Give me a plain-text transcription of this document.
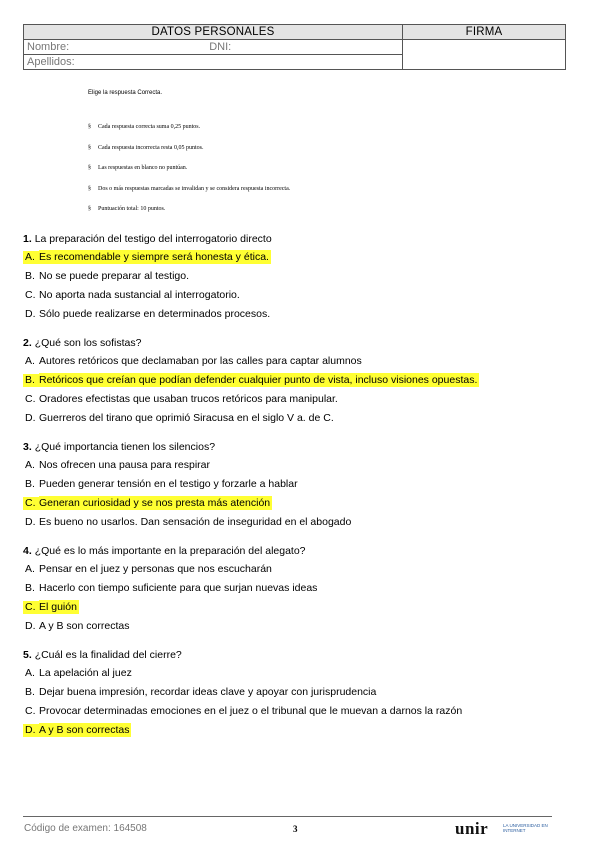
DATOS PERSONALES	FIRMA
Nombre: DNI:	
Apellidos:	
Elige la respuesta Correcta.
§ Cada respuesta correcta suma 0,25 puntos.
§ Cada respuesta incorrecta resta 0,05 puntos.
§ Las respuestas en blanco no puntúan.
§ Dos o más respuestas marcadas se invalidan y se considera respuesta incorrecta.
§ Puntuación total: 10 puntos.
1. La preparación del testigo del interrogatorio directo
A. Es recomendable y siempre será honesta y ética.
B. No se puede preparar al testigo.
C. No aporta nada sustancial al interrogatorio.
D. Sólo puede realizarse en determinados procesos.
2. ¿Qué son los sofistas?
A. Autores retóricos que declamaban por las calles para captar alumnos
B. Retóricos que creían que podían defender cualquier punto de vista, incluso visiones opuestas.
C. Oradores efectistas que usaban trucos retóricos para manipular.
D. Guerreros del tirano que oprimió Siracusa en el siglo V a. de C.
3. ¿Qué importancia tienen los silencios?
A. Nos ofrecen una pausa para respirar
B. Pueden generar tensión en el testigo y forzarle a hablar
C. Generan curiosidad y se nos presta más atención
D. Es bueno no usarlos. Dan sensación de inseguridad en el abogado
4. ¿Qué es lo más importante en la preparación del alegato?
A. Pensar en el juez y personas que nos escucharán
B. Hacerlo con tiempo suficiente para que surjan nuevas ideas
C. El guión
D. A y B son correctas
5. ¿Cuál es la finalidad del cierre?
A. La apelación al juez
B. Dejar buena impresión, recordar ideas clave y apoyar con jurisprudencia
C. Provocar determinadas emociones en el juez o el tribunal que le muevan a darnos la razón
D. A y B son correctas
Código de examen: 164508	3	unir	LA UNIVERSIDAD EN INTERNET
